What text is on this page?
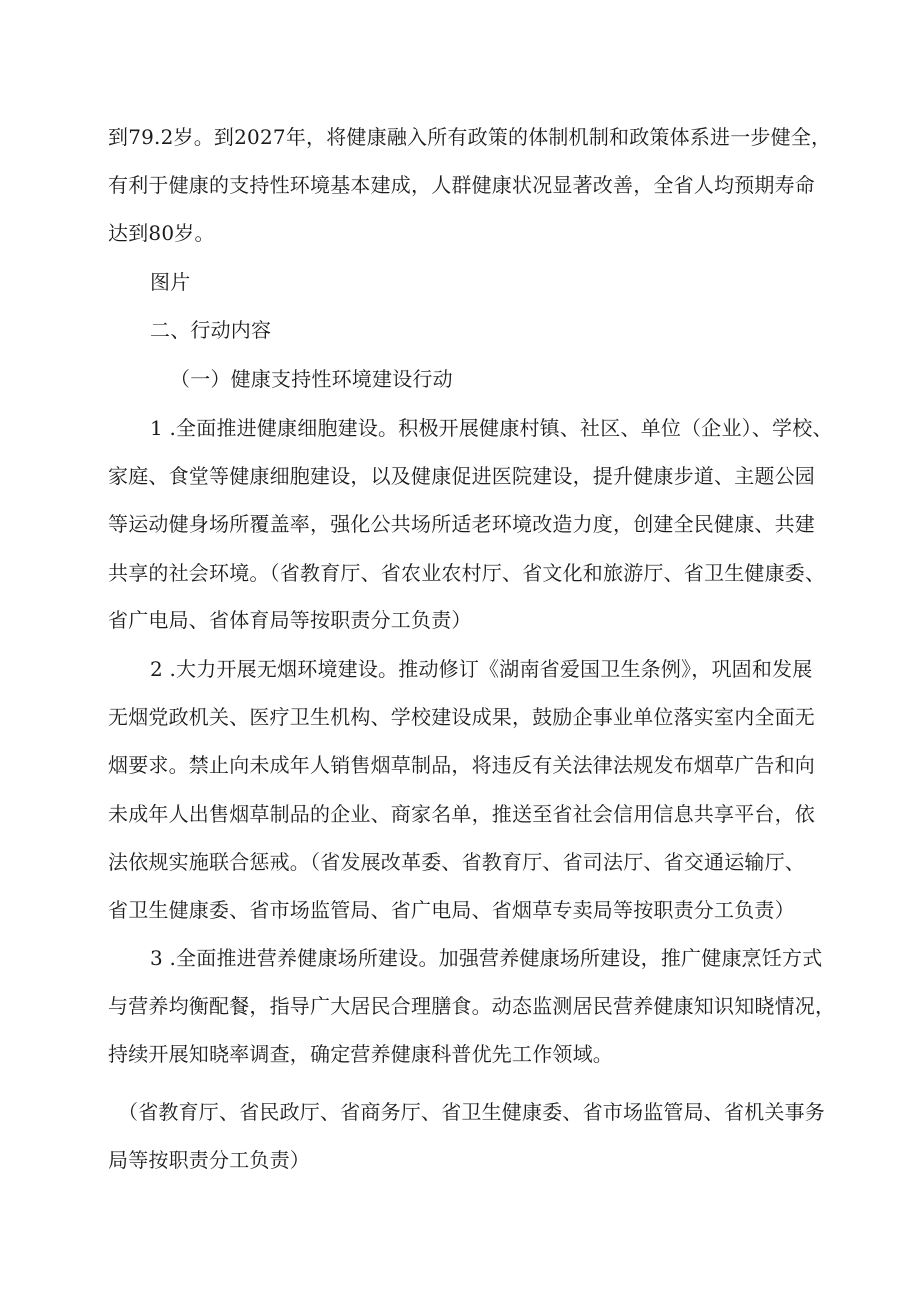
到79.2岁。到2027年，将健康融入所有政策的体制机制和政策体系进一步健全，
有利于健康的支持性环境基本建成，人群健康状况显著改善，全省人均预期寿命
达到80岁。
图片
二、行动内容
（一）健康支持性环境建设行动
1 .全面推进健康细胞建设。积极开展健康村镇、社区、单位（企业）、学校、
家庭、食堂等健康细胞建设，以及健康促进医院建设，提升健康步道、主题公园
等运动健身场所覆盖率，强化公共场所适老环境改造力度，创建全民健康、共建
共享的社会环境。（省教育厅、省农业农村厅、省文化和旅游厅、省卫生健康委、
省广电局、省体育局等按职责分工负责）
2 .大力开展无烟环境建设。推动修订《湖南省爱国卫生条例》，巩固和发展
无烟党政机关、医疗卫生机构、学校建设成果，鼓励企事业单位落实室内全面无
烟要求。禁止向未成年人销售烟草制品，将违反有关法律法规发布烟草广告和向
未成年人出售烟草制品的企业、商家名单，推送至省社会信用信息共享平台，依
法依规实施联合惩戒。（省发展改革委、省教育厅、省司法厅、省交通运输厅、
省卫生健康委、省市场监管局、省广电局、省烟草专卖局等按职责分工负责）
3 .全面推进营养健康场所建设。加强营养健康场所建设，推广健康烹饪方式
与营养均衡配餐，指导广大居民合理膳食。动态监测居民营养健康知识知晓情况，
持续开展知晓率调查，确定营养健康科普优先工作领域。
（省教育厅、省民政厅、省商务厅、省卫生健康委、省市场监管局、省机关事务
局等按职责分工负责）
